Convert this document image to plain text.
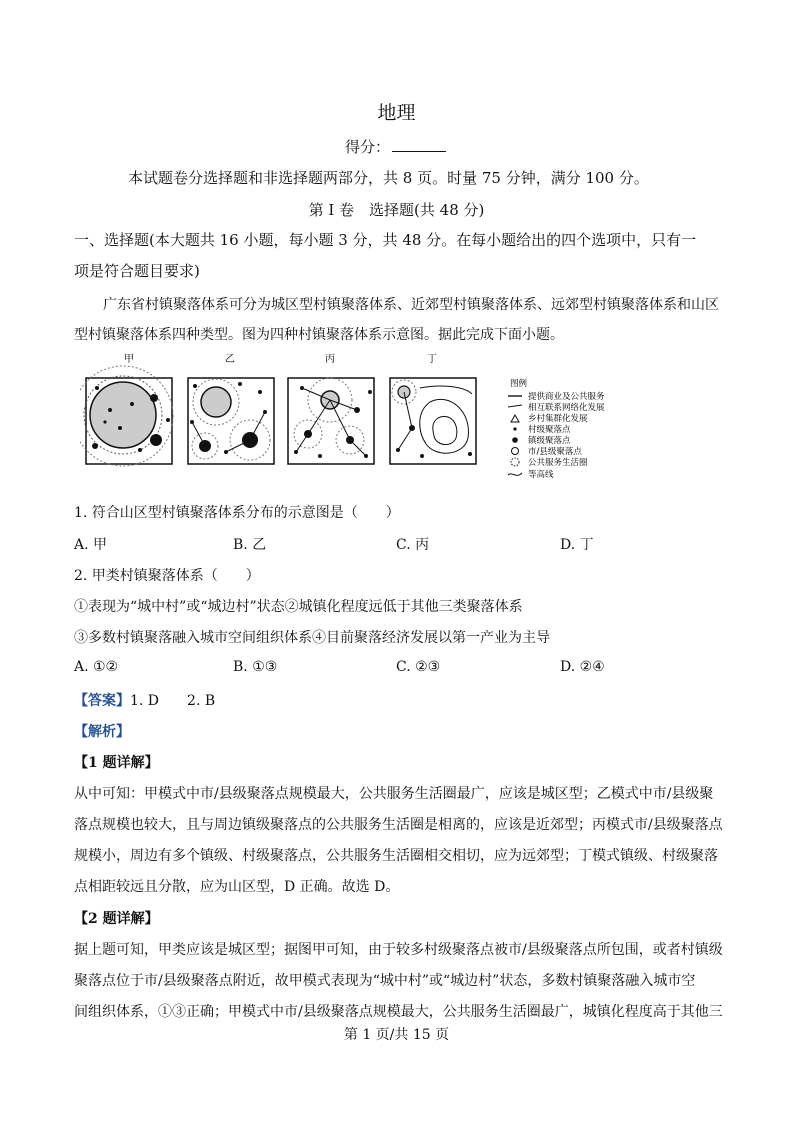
地理
得分：
本试题卷分选择题和非选择题两部分，共 8 页。时量 75 分钟，满分 100 分。
第 I 卷　选择题(共 48 分)
一、选择题(本大题共 16 小题，每小题 3 分，共 48 分。在每小题给出的四个选项中，只有一
项是符合题目要求)
广东省村镇聚落体系可分为城区型村镇聚落体系、近郊型村镇聚落体系、远郊型村镇聚落体系和山区
型村镇聚落体系四种类型。图为四种村镇聚落体系示意图。据此完成下面小题。
甲	乙	丙	丁
图例
提供商业及公共服务
相互联系网络化发展
乡村集群化发展
村级聚落点
镇级聚落点
市/县级聚落点
公共服务生活圈
等高线
1. 符合山区型村镇聚落体系分布的示意图是（　　）
A. 甲	B. 乙	C. 丙	D. 丁
2. 甲类村镇聚落体系（　　）
①表现为“城中村”或“城边村”状态②城镇化程度远低于其他三类聚落体系
③多数村镇聚落融入城市空间组织体系④目前聚落经济发展以第一产业为主导
A. ①②	B. ①③	C. ②③	D. ②④
【答案】1. D　　2. B
【解析】
【1 题详解】
从中可知：甲模式中市/县级聚落点规模最大，公共服务生活圈最广，应该是城区型；乙模式中市/县级聚
落点规模也较大，且与周边镇级聚落点的公共服务生活圈是相离的，应该是近郊型；丙模式市/县级聚落点
规模小，周边有多个镇级、村级聚落点，公共服务生活圈相交相切，应为远郊型；丁模式镇级、村级聚落
点相距较远且分散，应为山区型，D 正确。故选 D。
【2 题详解】
据上题可知，甲类应该是城区型；据图甲可知，由于较多村级聚落点被市/县级聚落点所包围，或者村镇级
聚落点位于市/县级聚落点附近，故甲模式表现为“城中村”或“城边村”状态，多数村镇聚落融入城市空
间组织体系，①③正确；甲模式中市/县级聚落点规模最大，公共服务生活圈最广，城镇化程度高于其他三
第 1 页/共 15 页
